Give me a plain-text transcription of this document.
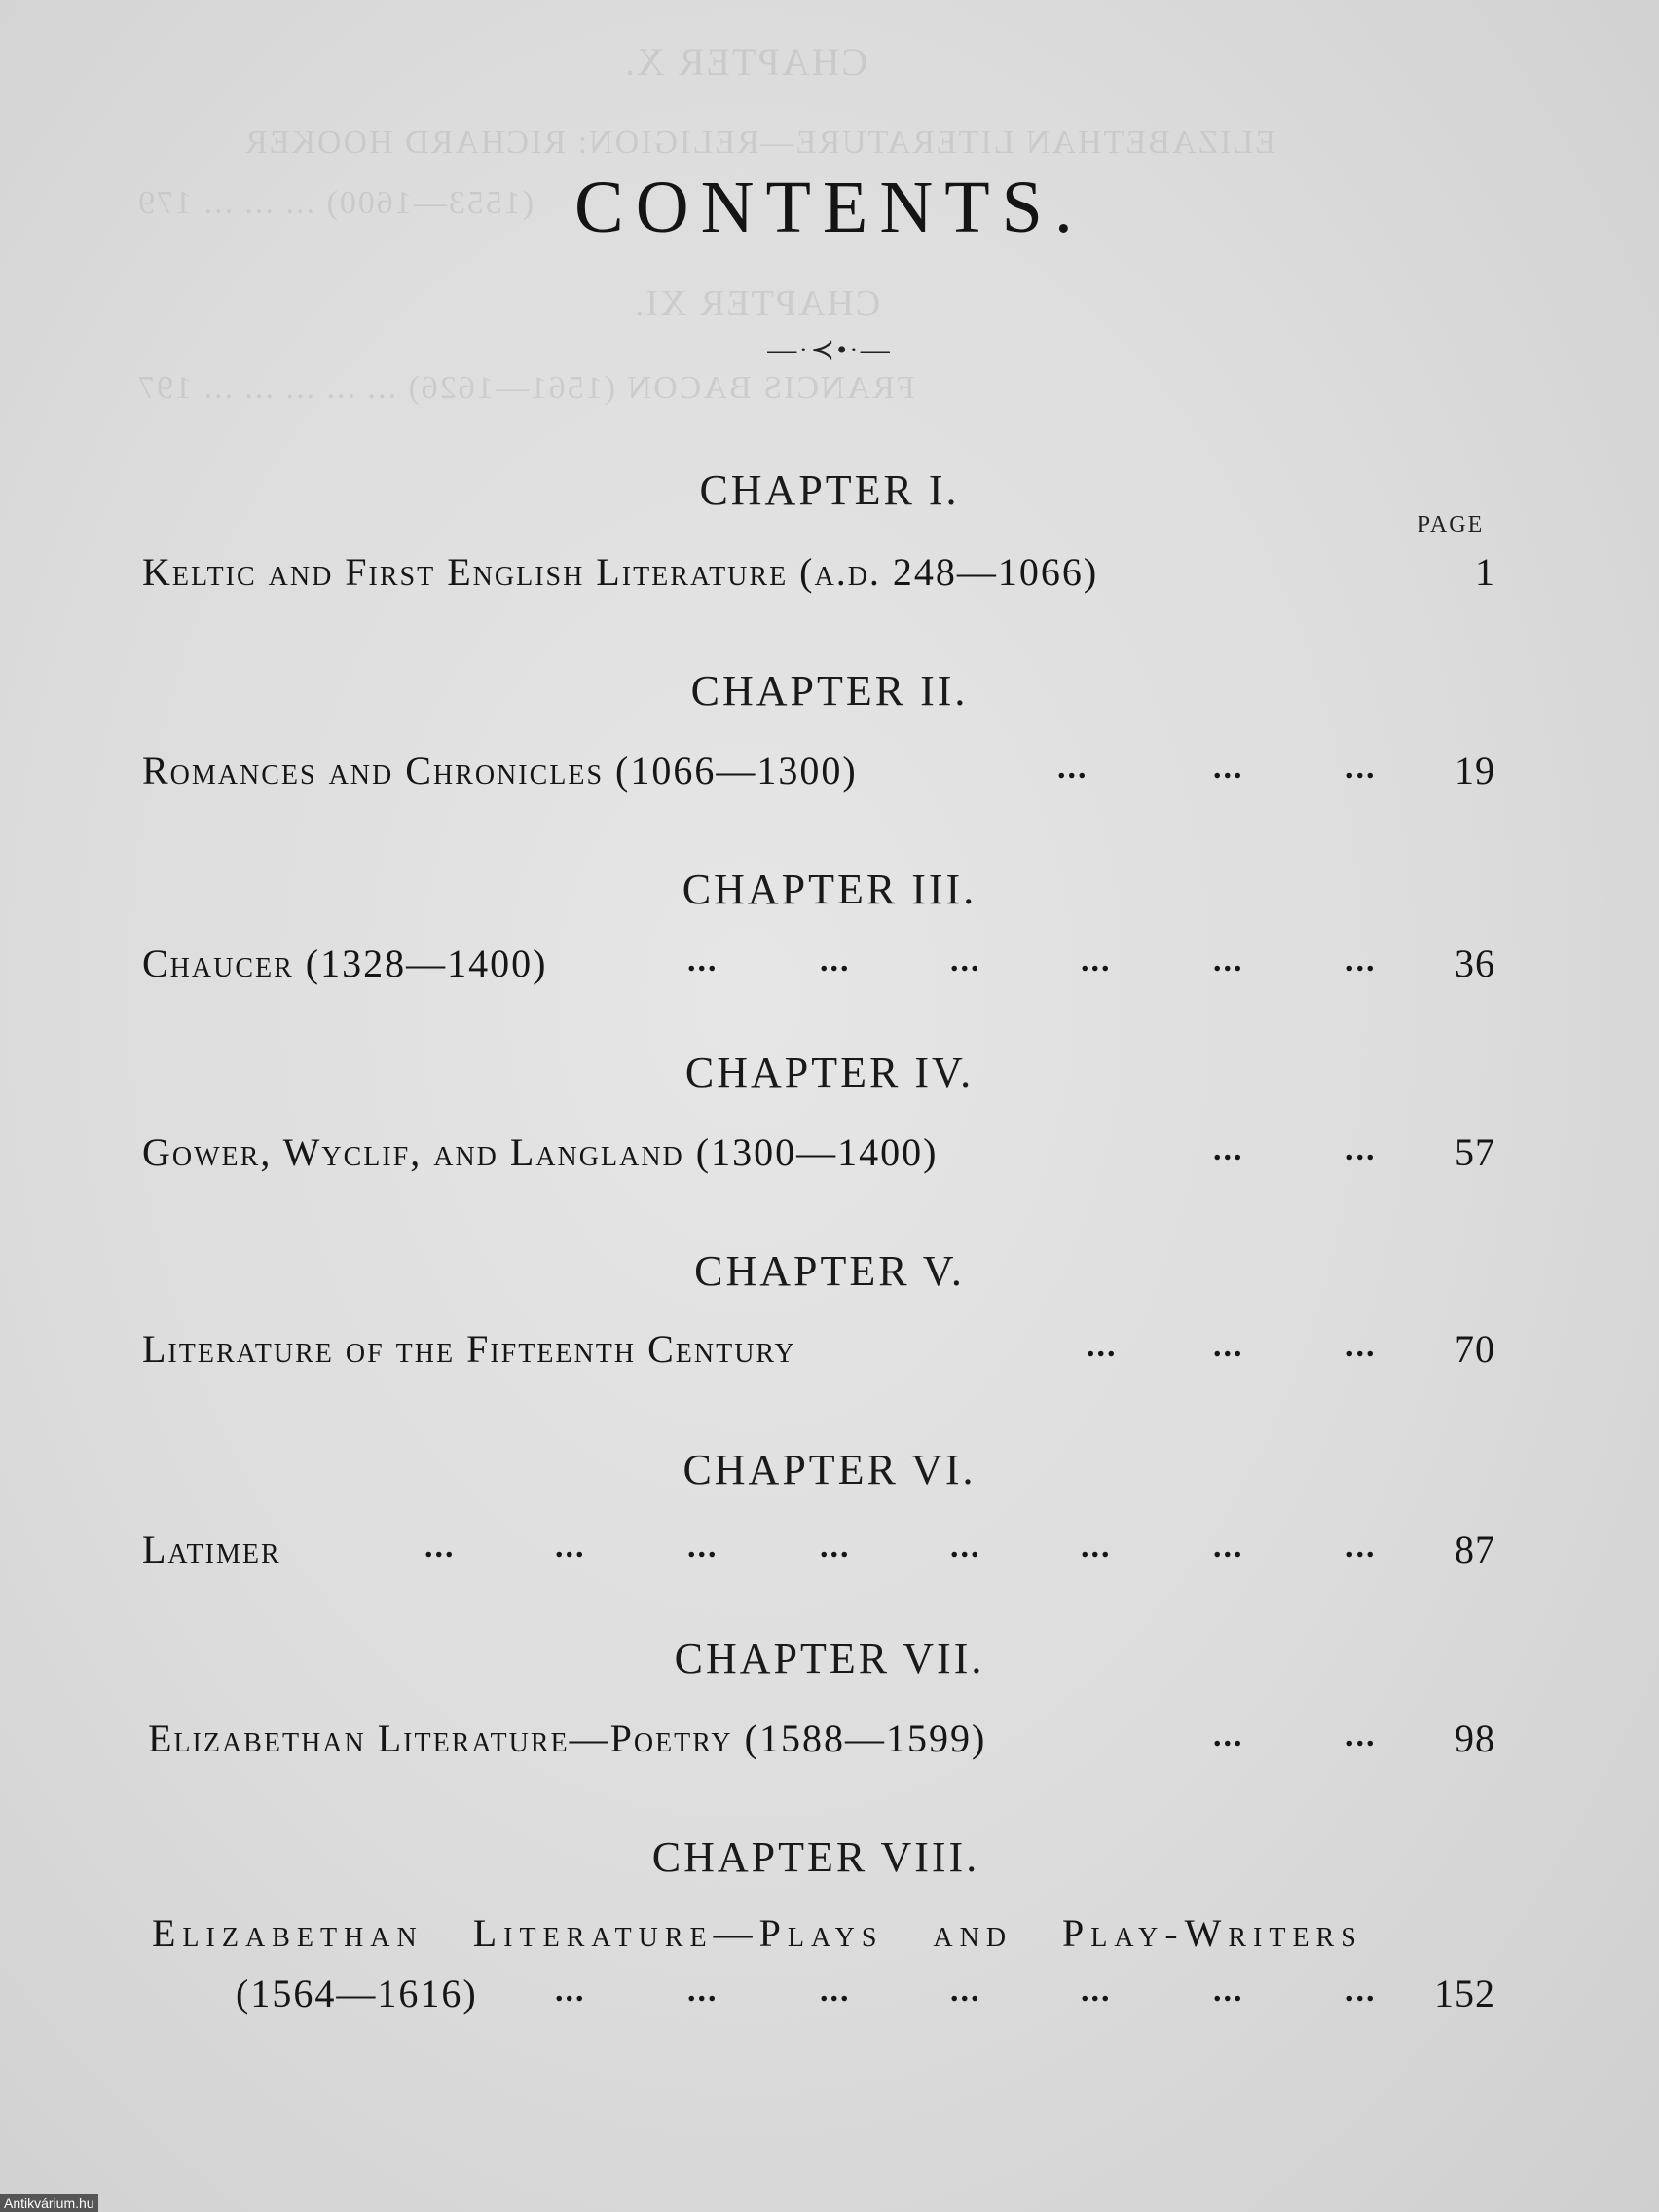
CHAPTER X.
ELIZABETHAN LITERATURE—RELIGION: RICHARD HOOKER
(1553—1600) ... ... ... 179
CHAPTER XI.
FRANCIS BACON (1561—1626) ... ... ... ... ... 197
CONTENTS.
—·≺•·—
CHAPTER I.
PAGE
Keltic and First English Literature (a.d. 248—1066)	1
CHAPTER II.
Romances and Chronicles (1066—1300)	...	...	... 19
CHAPTER III.
Chaucer (1328—1400)	...	...	...	...	...	... 36
CHAPTER IV.
Gower, Wyclif, and Langland (1300—1400)	...	... 57
CHAPTER V.
Literature of the Fifteenth Century	...	...	... 70
CHAPTER VI.
Latimer	...	...	...	...	...	...	...	... 87
CHAPTER VII.
Elizabethan Literature—Poetry (1588—1599)	...	... 98
CHAPTER VIII.
Elizabethan Literature—Plays and Play-Writers
(1564—1616) ...	...	...	...	...	...	... 152
Antikvárium.hu
